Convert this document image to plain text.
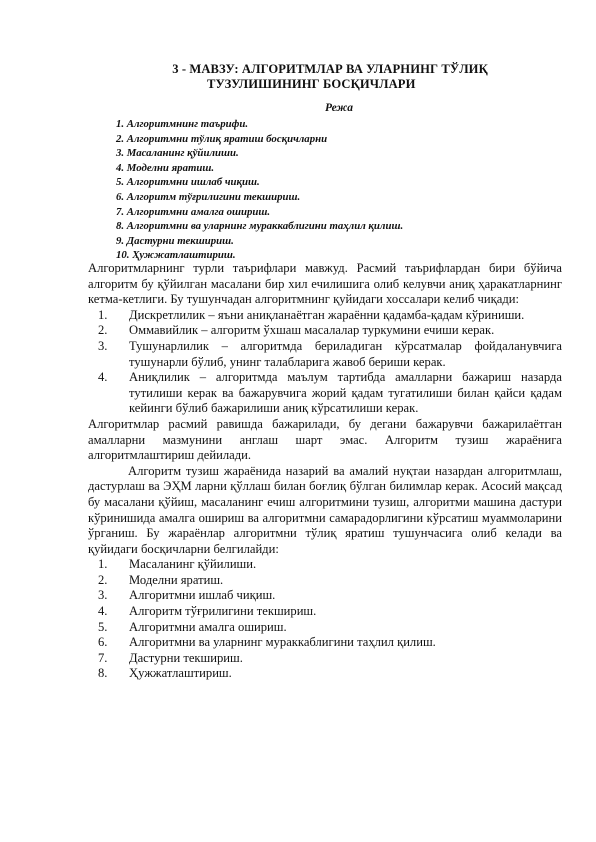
3 - МАВЗУ: АЛГОРИТМЛАР ВА УЛАРНИНГ ТЎЛИҚ
ТУЗУЛИШИНИНГ БОСҚИЧЛАРИ
Режа
1. Алгоритмнинг таърифи.
2. Алгоритмни тўлиқ яратиш босқичларни
3. Масаланинг қўйилиши.
4. Моделни яратиш.
5. Алгоритмни ишлаб чиқиш.
6. Алгоритм тўғрилигини текшириш.
7. Алгоритмни амалга ошириш.
8. Алгоритмни ва уларнинг мураккаблигини таҳлил қилиш.
9. Дастурни текшириш.
10. Ҳужжатлаштириш.

Алгоритмларнинг турли таърифлари мавжуд. Расмий таърифлардан бири бўйича алгоритм бу қўйилган масалани бир хил ечилишига олиб келувчи аниқ ҳаракатларнинг кетма-кетлиги. Бу тушунчадан алгоритмнинг қуйидаги хоссалари келиб чиқади:

1.	Дискретлилик – яъни аниқланаётган жараённи қадамба-қадам кўриниши.
2.	Оммавийлик – алгоритм ўхшаш масалалар туркумини ечиши керак.
3.	Тушунарлилик – алгоритмда бериладиган кўрсатмалар фойдаланувчига тушунарли бўлиб, унинг талабларига жавоб бериши керак.
4.	Аниқлилик – алгоритмда маълум тартибда амалларни бажариш назарда тутилиши керак ва бажарувчига жорий қадам тугатилиши билан қайси қадам кейинги бўлиб бажарилиши аниқ кўрсатилиши керак.

Алгоритмлар расмий равишда бажарилади, бу дегани бажарувчи бажарилаётган амалларни мазмунини англаш шарт эмас. Алгоритм тузиш жараёнига алгоритмлаштириш дейилади.

Алгоритм тузиш жараёнида назарий ва амалий нуқтаи назардан алгоритмлаш, дастурлаш ва ЭҲМ ларни қўллаш билан боғлиқ бўлган билимлар керак. Асосий мақсад бу масалани қўйиш, масаланинг ечиш алгоритмини тузиш, алгоритми машина дастури кўринишида амалга ошириш ва алгоритмни самарадорлигини кўрсатиш муаммоларини ўрганиш. Бу жараёнлар алгоритмни тўлиқ яратиш тушунчасига олиб келади ва қуйидаги босқичларни белгилайди:

1.	Масаланинг қўйилиши.
2.	Моделни яратиш.
3.	Алгоритмни ишлаб чиқиш.
4.	Алгоритм тўғрилигини текшириш.
5.	Алгоритмни амалга ошириш.
6.	Алгоритмни ва уларнинг мураккаблигини таҳлил қилиш.
7.	Дастурни текшириш.
8.	Ҳужжатлаштириш.
